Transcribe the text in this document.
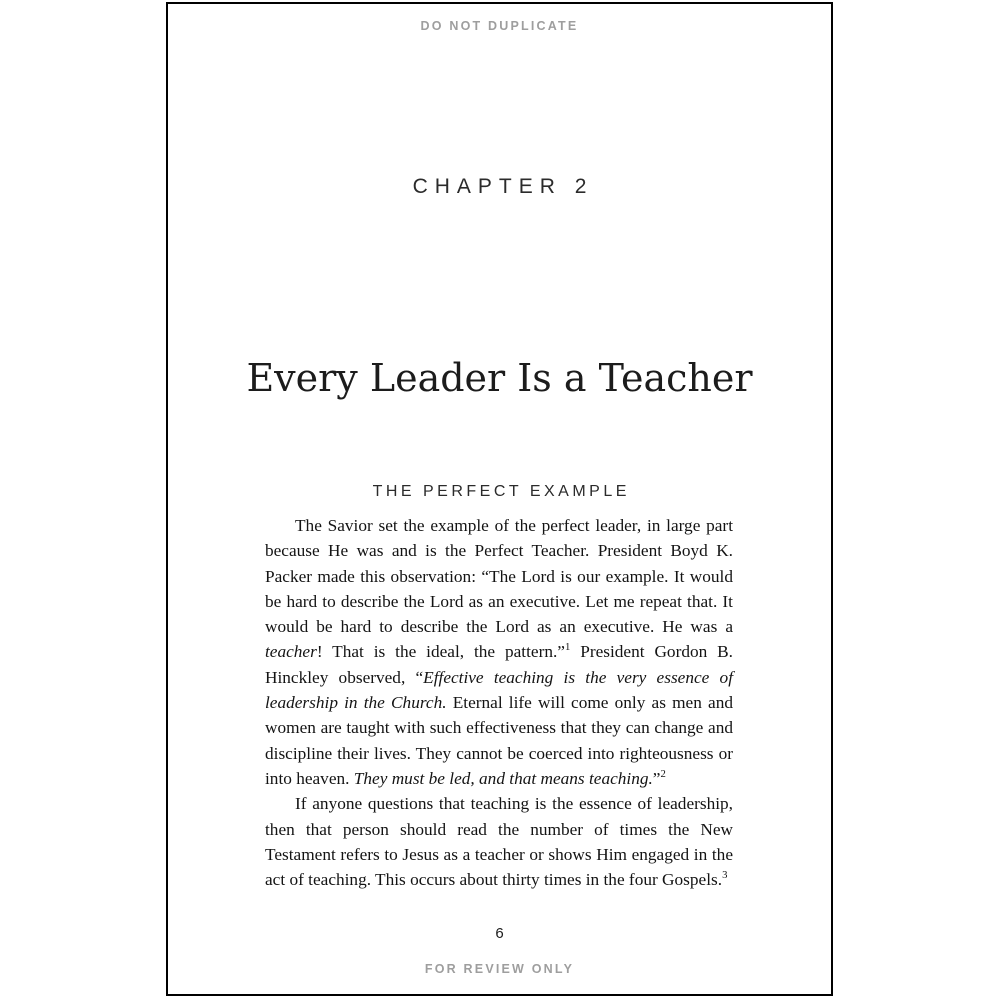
DO NOT DUPLICATE
CHAPTER 2
Every Leader Is a Teacher
THE PERFECT EXAMPLE

The Savior set the example of the perfect leader, in large part because He was and is the Perfect Teacher. President Boyd K. Packer made this observation: “The Lord is our example. It would be hard to describe the Lord as an executive. Let me repeat that. It would be hard to describe the Lord as an executive. He was a teacher! That is the ideal, the pattern.”$^1$ President Gordon B. Hinckley observed, “Effective teaching is the very essence of leadership in the Church. Eternal life will come only as men and women are taught with such effectiveness that they can change and discipline their lives. They cannot be coerced into righteousness or into heaven. They must be led, and that means teaching.”$^2$

If anyone questions that teaching is the essence of leadership, then that person should read the number of times the New Testament refers to Jesus as a teacher or shows Him engaged in the act of teaching. This occurs about thirty times in the four Gospels.$^3$

6
FOR REVIEW ONLY
